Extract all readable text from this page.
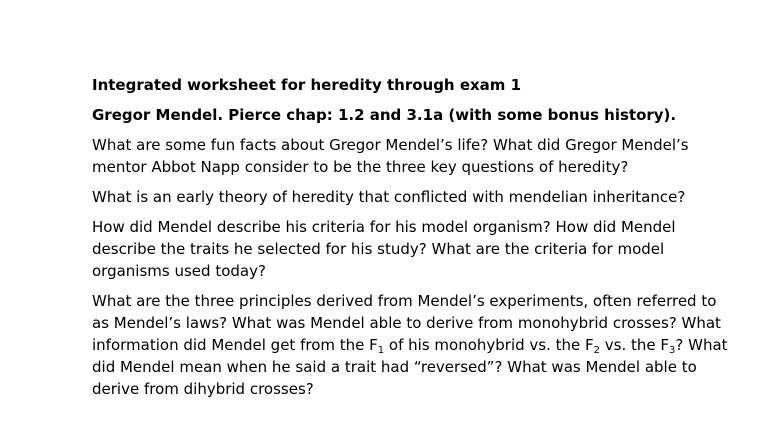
Integrated worksheet for heredity through exam 1

Gregor Mendel. Pierce chap: 1.2 and 3.1a (with some bonus history).

What are some fun facts about Gregor Mendel’s life? What did Gregor Mendel’s mentor Abbot Napp consider to be the three key questions of heredity?

What is an early theory of heredity that conflicted with mendelian inheritance?

How did Mendel describe his criteria for his model organism? How did Mendel describe the traits he selected for his study? What are the criteria for model organisms used today?

What are the three principles derived from Mendel’s experiments, often referred to as Mendel’s laws? What was Mendel able to derive from monohybrid crosses? What information did Mendel get from the $F_1$ of his monohybrid vs. the $F_2$ vs. the $F_3$? What did Mendel mean when he said a trait had “reversed”? What was Mendel able to derive from dihybrid crosses?
